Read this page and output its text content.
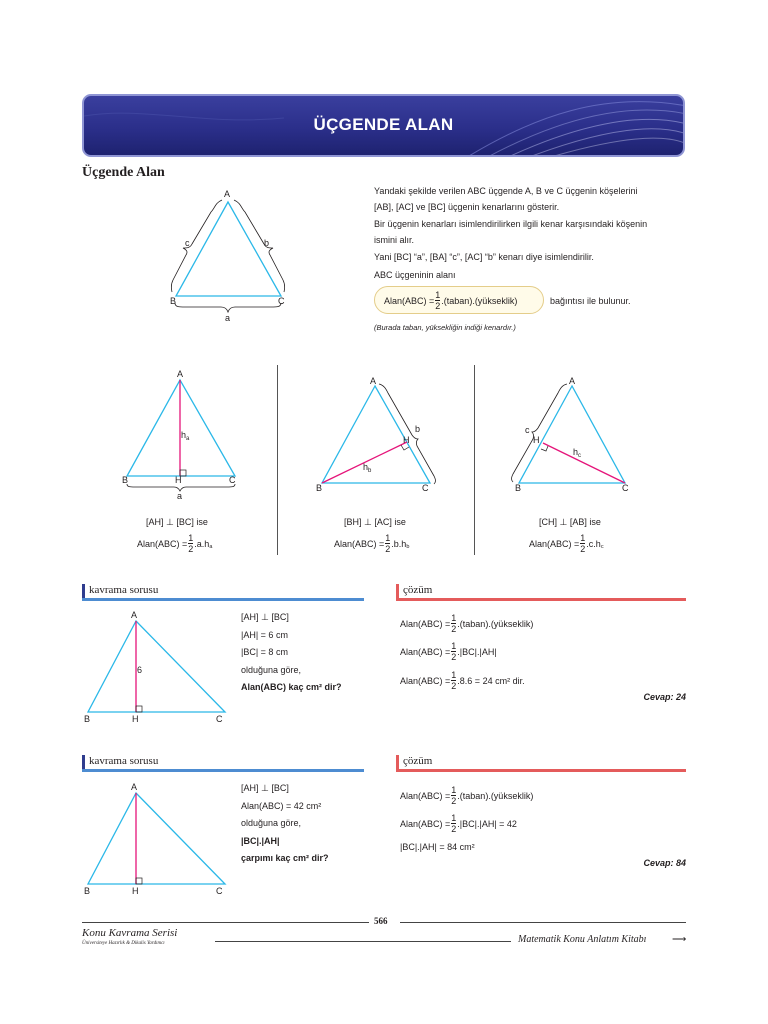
ÜÇGENDE ALAN
Üçgende Alan
A
B	C
c	b
a
Yandaki şekilde verilen ABC üçgende A, B ve C üçgenin köşelerini
[AB], [AC] ve [BC] üçgenin kenarlarını gösterir.
Bir üçgenin kenarları isimlendirilirken ilgili kenar karşısındaki köşenin
ismini alır.
Yani [BC] “a”, [BA] “c”, [AC] “b” kenarı diye isimlendirilir.
ABC üçgeninin alanı
Alan(ABC) = $\frac{1}{2}$ .(taban).(yükseklik)	bağıntısı ile bulunur.
(Burada taban, yüksekliğin indiği kenardır.)
A
B	H	C
$h_a$
a
A
B	C
H
b
$h_b$
A
B	C
H
c
$h_c$
[AH] ⊥ [BC] ise
Alan(ABC) = $\frac{1}{2} .a.h$ a
[BH] ⊥ [AC] ise
Alan(ABC) = $\frac{1}{2} .b.h$ b
[CH] ⊥ [AB] ise
Alan(ABC) = $\frac{1}{2} .c.h$ c
kavrama sorusu	çözüm
A
B	H	C
6
[AH] ⊥ [BC]
|AH| = 6 cm
|BC| = 8 cm
olduğuna göre,
Alan(ABC) kaç cm² dir?
Alan(ABC) = $\frac{1}{2}$ .(taban).(yükseklik)
Alan(ABC) = $\frac{1}{2} .|BC|.|AH|$
Alan(ABC) = $\frac{1}{2} .8.6 = 24$ cm² dir.
Cevap: 24
kavrama sorusu	çözüm
A
B	H	C
[AH] ⊥ [BC]
Alan(ABC) = 42 cm²
olduğuna göre,
|BC|.|AH|
çarpımı kaç cm² dir?
Alan(ABC) = $\frac{1}{2}$ .(taban).(yükseklik)
Alan(ABC) = $\frac{1}{2} .|BC|.|AH| = 42$
|BC|.|AH| = 84 cm²
Cevap: 84
566
Konu Kavrama Serisi
Üniversiteye Hazırlık & Dikalis Yardımcı	Matematik Konu Anlatım Kitabı	⟶
